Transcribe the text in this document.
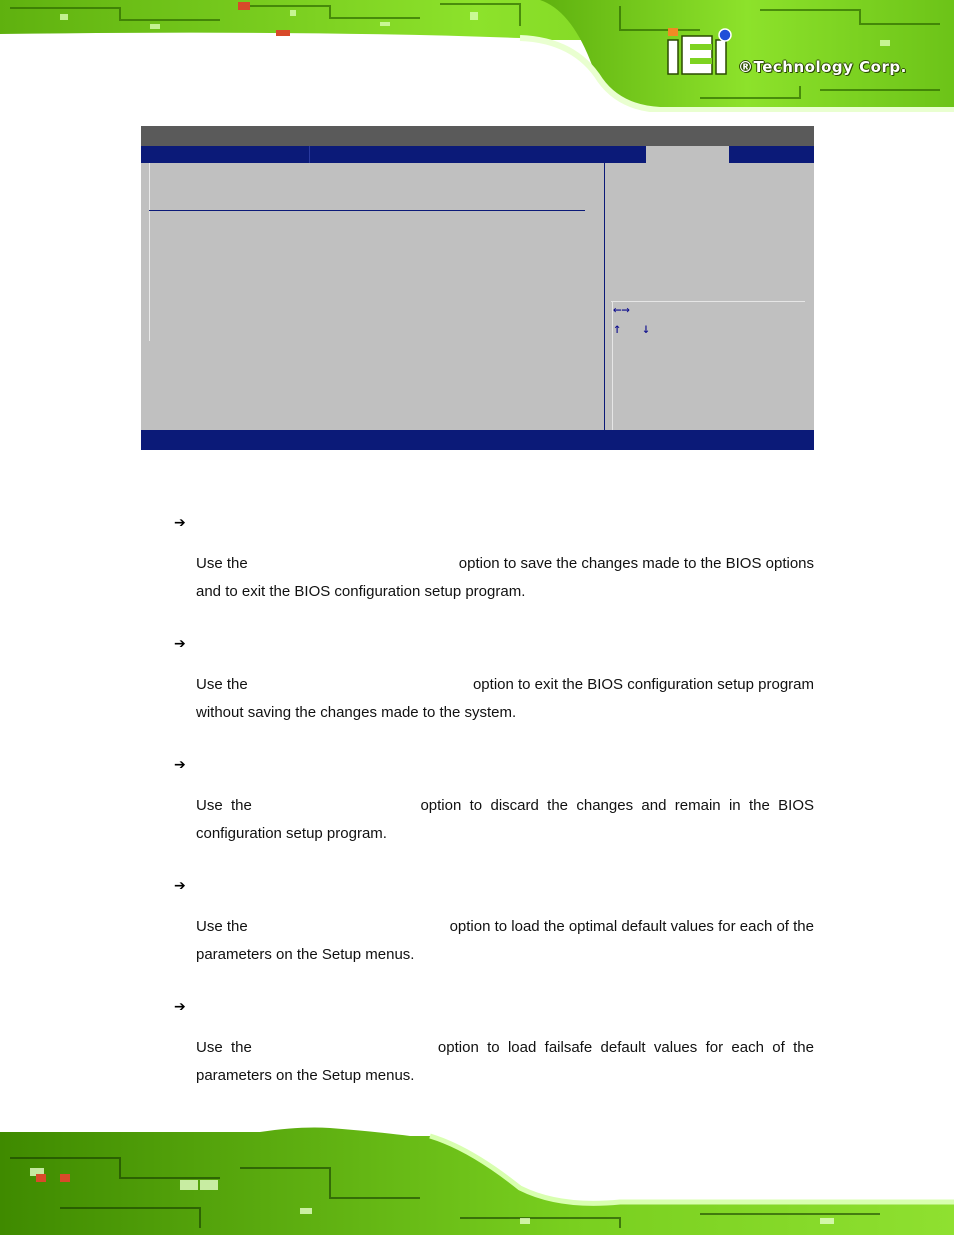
®Technology Corp.
←→
↑ ↓
➔
Use the	option to save the changes made to the BIOS options
and to exit the BIOS configuration setup program.
➔
Use the	option to exit the BIOS configuration setup program
without saving the changes made to the system.
➔
Use  the	option  to  discard  the  changes  and  remain  in  the  BIOS
configuration setup program.
➔
Use the	option to load the optimal default values for each of the
parameters on the Setup menus.
➔
Use  the	option  to  load  failsafe  default  values  for  each  of  the
parameters on the Setup menus.
